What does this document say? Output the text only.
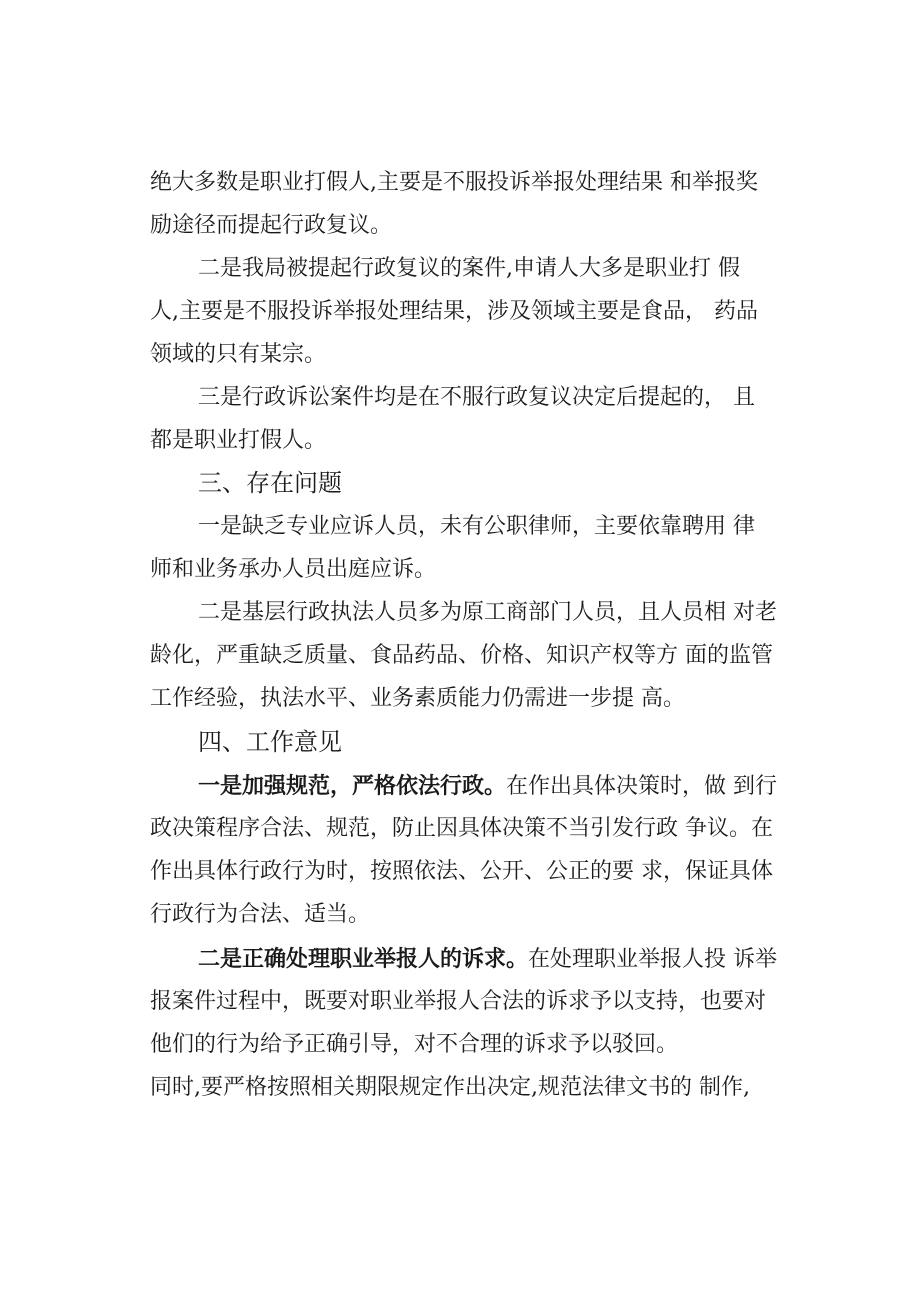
绝大多数是职业打假人,主要是不服投诉举报处理结果 和举报奖
励途径而提起行政复议。
二是我局被提起行政复议的案件,申请人大多是职业打 假
人,主要是不服投诉举报处理结果，涉及领域主要是食品， 药品
领域的只有某宗。
三是行政诉讼案件均是在不服行政复议决定后提起的， 且
都是职业打假人。
三、存在问题
一是缺乏专业应诉人员，未有公职律师，主要依靠聘用 律
师和业务承办人员出庭应诉。
二是基层行政执法人员多为原工商部门人员，且人员相 对老
龄化，严重缺乏质量、食品药品、价格、知识产权等方 面的监管
工作经验，执法水平、业务素质能力仍需进一步提 高。
四、工作意见
一是加强规范，严格依法行政。在作出具体决策时，做 到行
政决策程序合法、规范，防止因具体决策不当引发行政 争议。在
作出具体行政行为时，按照依法、公开、公正的要 求，保证具体
行政行为合法、适当。
二是正确处理职业举报人的诉求。在处理职业举报人投 诉举
报案件过程中，既要对职业举报人合法的诉求予以支持，也要对
他们的行为给予正确引导，对不合理的诉求予以驳回。
同时,要严格按照相关期限规定作出决定,规范法律文书的 制作,
